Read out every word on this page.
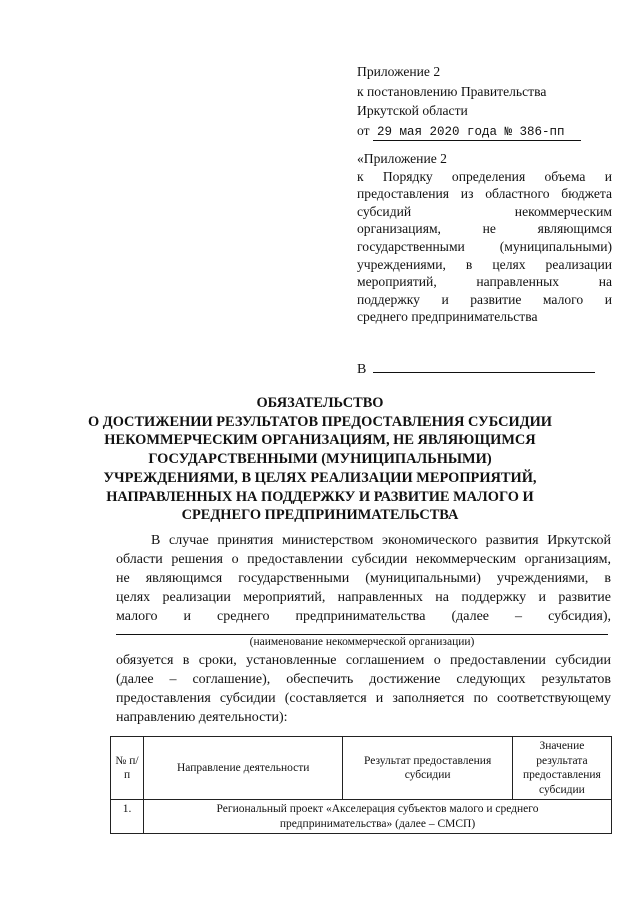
Приложение 2
к постановлению Правительства
Иркутской области
от 29 мая 2020 года № 386-пп
«Приложение 2
к Порядку определения объема и
предоставления из областного бюджета
субсидий некоммерческим
организациям, не являющимся
государственными (муниципальными)
учреждениями, в целях реализации
мероприятий, направленных на
поддержку и развитие малого и
среднего предпринимательства
В
ОБЯЗАТЕЛЬСТВО
О ДОСТИЖЕНИИ РЕЗУЛЬТАТОВ ПРЕДОСТАВЛЕНИЯ СУБСИДИИ
НЕКОММЕРЧЕСКИМ ОРГАНИЗАЦИЯМ, НЕ ЯВЛЯЮЩИМСЯ
ГОСУДАРСТВЕННЫМИ (МУНИЦИПАЛЬНЫМИ)
УЧРЕЖДЕНИЯМИ, В ЦЕЛЯХ РЕАЛИЗАЦИИ МЕРОПРИЯТИЙ,
НАПРАВЛЕННЫХ НА ПОДДЕРЖКУ И РАЗВИТИЕ МАЛОГО И
СРЕДНЕГО ПРЕДПРИНИМАТЕЛЬСТВА
В случае принятия министерством экономического развития Иркутской
области решения о предоставлении субсидии некоммерческим организациям,
не являющимся государственными (муниципальными) учреждениями, в
целях реализации мероприятий, направленных на поддержку и развитие
малого и среднего предпринимательства (далее – субсидия),
(наименование некоммерческой организации)
обязуется в сроки, установленные соглашением о предоставлении субсидии
(далее – соглашение), обеспечить достижение следующих результатов
предоставления субсидии (составляется и заполняется по соответствующему
направлению деятельности):
№ п/п	Направление деятельности	Результат предоставления субсидии	Значение результата предоставления субсидии
1.	Региональный проект «Акселерация субъектов малого и среднего предпринимательства» (далее – СМСП)		
